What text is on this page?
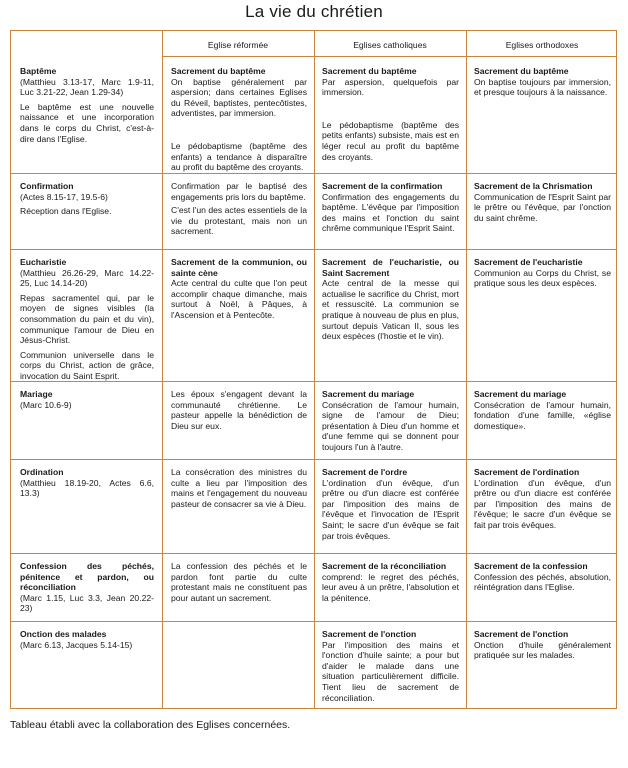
La vie du chrétien
Eglise réformée	Eglises catholiques	Eglises orthodoxes
Baptême
(Matthieu 3.13-17, Marc 1.9-11, Luc 3.21-22, Jean 1.29-34)
Le baptême est une nouvelle naissance et une incorporation dans le corps du Christ, c'est-à-dire dans l'Eglise.
Sacrement du baptême
On baptise généralement par aspersion; dans certaines Eglises du Réveil, baptistes, pentecôtistes, adventistes, par immersion.
Le pédobaptisme (baptême des enfants) a tendance à disparaître au profit du baptême des croyants.
Sacrement du baptême
Par aspersion, quelquefois par immersion.
Le pédobaptisme (baptême des petits enfants) subsiste, mais est en léger recul au profit du baptême des croyants.
Sacrement du baptême
On baptise toujours par immersion, et presque toujours à la naissance.
Confirmation
(Actes 8.15-17, 19.5-6)
Réception dans l'Eglise.
Confirmation par le baptisé des engagements pris lors du baptême.
C'est l'un des actes essentiels de la vie du protestant, mais non un sacrement.
Sacrement de la confirmation
Confirmation des engagements du baptême. L'évêque par l'imposition des mains et l'onction du saint chrême communique l'Esprit Saint.
Sacrement de la Chrismation
Communication de l'Esprit Saint par le prêtre ou l'évêque, par l'onction du saint chrême.
Eucharistie
(Matthieu 26.26-29, Marc 14.22-25, Luc 14.14-20)
Repas sacramentel qui, par le moyen de signes visibles (la consommation du pain et du vin), communique l'amour de Dieu en Jésus-Christ.
Communion universelle dans le corps du Christ, action de grâce, invocation du Saint Esprit.
Sacrement de la communion, ou sainte cène
Acte central du culte que l'on peut accomplir chaque dimanche, mais surtout à Noël, à Pâques, à l'Ascension et à Pentecôte.
Sacrement de l'eucharistie, ou Saint Sacrement
Acte central de la messe qui actualise le sacrifice du Christ, mort et ressuscité. La communion se pratique à nouveau de plus en plus, surtout depuis Vatican II, sous les deux espèces (l'hostie et le vin).
Sacrement de l'eucharistie
Communion au Corps du Christ, se pratique sous les deux espèces.
Mariage
(Marc 10.6-9)
Les époux s'engagent devant la communauté chrétienne. Le pasteur appelle la bénédiction de Dieu sur eux.
Sacrement du mariage
Consécration de l'amour humain, signe de l'amour de Dieu; présentation à Dieu d'un homme et d'une femme qui se donnent pour toujours l'un à l'autre.
Sacrement du mariage
Consécration de l'amour humain, fondation d'une famille, «église domestique».
Ordination
(Matthieu 18.19-20, Actes 6.6, 13.3)
La consécration des ministres du culte a lieu par l'imposition des mains et l'engagement du nouveau pasteur de consacrer sa vie à Dieu.
Sacrement de l'ordre
L'ordination d'un évêque, d'un prêtre ou d'un diacre est conférée par l'imposition des mains de l'évêque et l'invocation de l'Esprit Saint; le sacre d'un évêque se fait par trois évêques.
Sacrement de l'ordination
L'ordination d'un évêque, d'un prêtre ou d'un diacre est conférée par l'imposition des mains de l'évêque; le sacre d'un évêque se fait par trois évêques.
Confession des péchés, pénitence et pardon, ou réconciliation
(Marc 1.15, Luc 3.3, Jean 20.22-23)
La confession des péchés et le pardon font partie du culte protestant mais ne constituent pas pour autant un sacrement.
Sacrement de la réconciliation
comprend: le regret des péchés, leur aveu à un prêtre, l'absolution et la pénitence.
Sacrement de la confession
Confession des péchés, absolution, réintégration dans l'Eglise.
Onction des malades
(Marc 6.13, Jacques 5.14-15)
Sacrement de l'onction
Par l'imposition des mains et l'onction d'huile sainte; a pour but d'aider le malade dans une situation particulièrement difficile. Tient lieu de sacrement de réconciliation.
Sacrement de l'onction
Onction d'huile généralement pratiquée sur les malades.
Tableau établi avec la collaboration des Eglises concernées.
